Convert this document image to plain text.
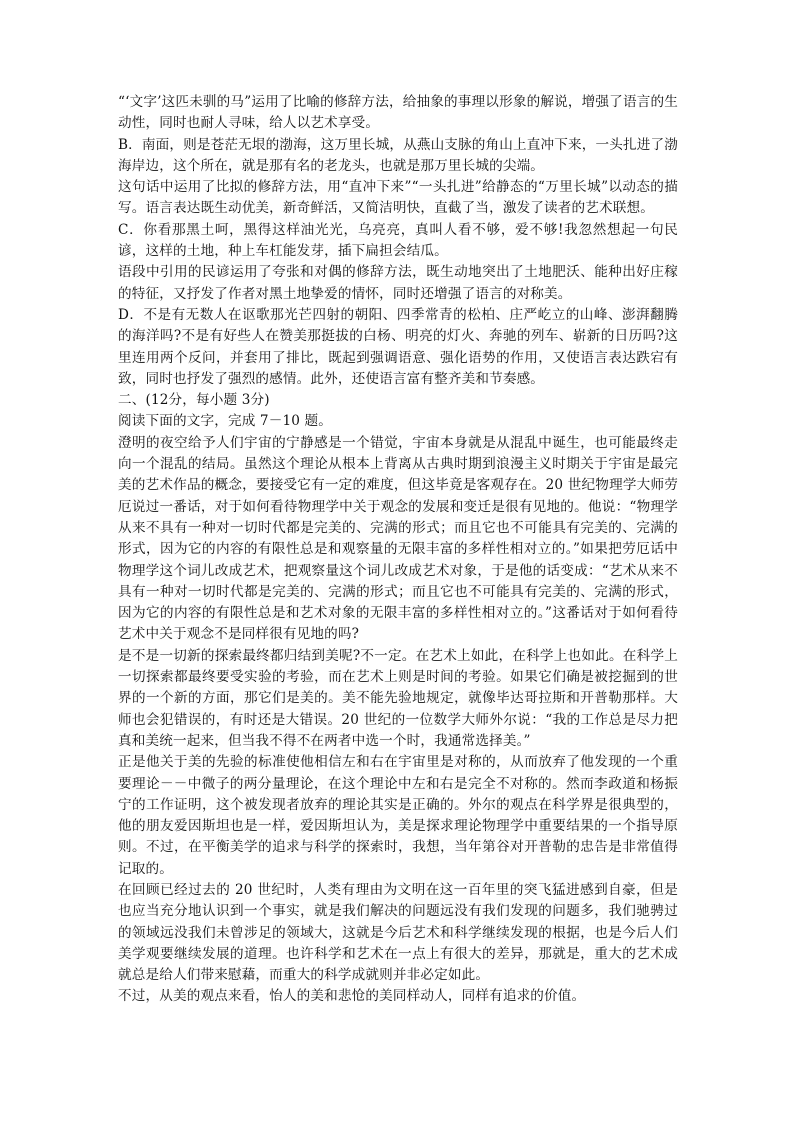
“‘文字’这匹未驯的马”运用了比喻的修辞方法，给抽象的事理以形象的解说，增强了语言的生动性，同时也耐人寻味，给人以艺术享受。

B．南面，则是苍茫无垠的渤海，这万里长城，从燕山支脉的角山上直冲下来，一头扎进了渤海岸边，这个所在，就是那有名的老龙头，也就是那万里长城的尖端。

这句话中运用了比拟的修辞方法，用“直冲下来”“一头扎进”给静态的“万里长城”以动态的描写。语言表达既生动优美，新奇鲜活，又简洁明快，直截了当，激发了读者的艺术联想。

C．你看那黑土呵，黑得这样油光光，乌亮亮，真叫人看不够，爱不够!我忽然想起一句民谚，这样的土地，种上车杠能发芽，插下扁担会结瓜。

语段中引用的民谚运用了夸张和对偶的修辞方法，既生动地突出了土地肥沃、能种出好庄稼的特征，又抒发了作者对黑土地挚爱的情怀，同时还增强了语言的对称美。

D．不是有无数人在讴歌那光芒四射的朝阳、四季常青的松柏、庄严屹立的山峰、澎湃翻腾的海洋吗?不是有好些人在赞美那挺拔的白杨、明亮的灯火、奔驰的列车、崭新的日历吗?这里连用两个反问，并套用了排比，既起到强调语意、强化语势的作用，又使语言表达跌宕有致，同时也抒发了强烈的感情。此外，还使语言富有整齐美和节奏感。

二、(12分，每小题 3分)

阅读下面的文字，完成 7－10 题。

澄明的夜空给予人们宇宙的宁静感是一个错觉，宇宙本身就是从混乱中诞生，也可能最终走向一个混乱的结局。虽然这个理论从根本上背离从古典时期到浪漫主义时期关于宇宙是最完美的艺术作品的概念，要接受它有一定的难度，但这毕竟是客观存在。20 世纪物理学大师劳厄说过一番话，对于如何看待物理学中关于观念的发展和变迁是很有见地的。他说：“物理学从来不具有一种对一切时代都是完美的、完满的形式；而且它也不可能具有完美的、完满的形式，因为它的内容的有限性总是和观察量的无限丰富的多样性相对立的。”如果把劳厄话中物理学这个词儿改成艺术，把观察量这个词儿改成艺术对象，于是他的话变成：“艺术从来不具有一种对一切时代都是完美的、完满的形式；而且它也不可能具有完美的、完满的形式，因为它的内容的有限性总是和艺术对象的无限丰富的多样性相对立的。”这番话对于如何看待艺术中关于观念不是同样很有见地的吗?

是不是一切新的探索最终都归结到美呢?不一定。在艺术上如此，在科学上也如此。在科学上一切探索都最终要受实验的考验，而在艺术上则是时间的考验。如果它们确是被挖掘到的世界的一个新的方面，那它们是美的。美不能先验地规定，就像毕达哥拉斯和开普勒那样。大师也会犯错误的，有时还是大错误。20 世纪的一位数学大师外尔说：“我的工作总是尽力把真和美统一起来，但当我不得不在两者中选一个时，我通常选择美。”

正是他关于美的先验的标准使他相信左和右在宇宙里是对称的，从而放弃了他发现的一个重要理论－－中微子的两分量理论，在这个理论中左和右是完全不对称的。然而李政道和杨振宁的工作证明，这个被发现者放弃的理论其实是正确的。外尔的观点在科学界是很典型的，他的朋友爱因斯坦也是一样，爱因斯坦认为，美是探求理论物理学中重要结果的一个指导原则。不过，在平衡美学的追求与科学的探索时，我想，当年第谷对开普勒的忠告是非常值得记取的。

在回顾已经过去的 20 世纪时，人类有理由为文明在这一百年里的突飞猛进感到自豪，但是也应当充分地认识到一个事实，就是我们解决的问题远没有我们发现的问题多，我们驰骋过的领域远没我们未曾涉足的领域大，这就是今后艺术和科学继续发现的根据，也是今后人们美学观要继续发展的道理。也许科学和艺术在一点上有很大的差异，那就是，重大的艺术成就总是给人们带来慰藉，而重大的科学成就则并非必定如此。

不过，从美的观点来看，怡人的美和悲怆的美同样动人，同样有追求的价值。
